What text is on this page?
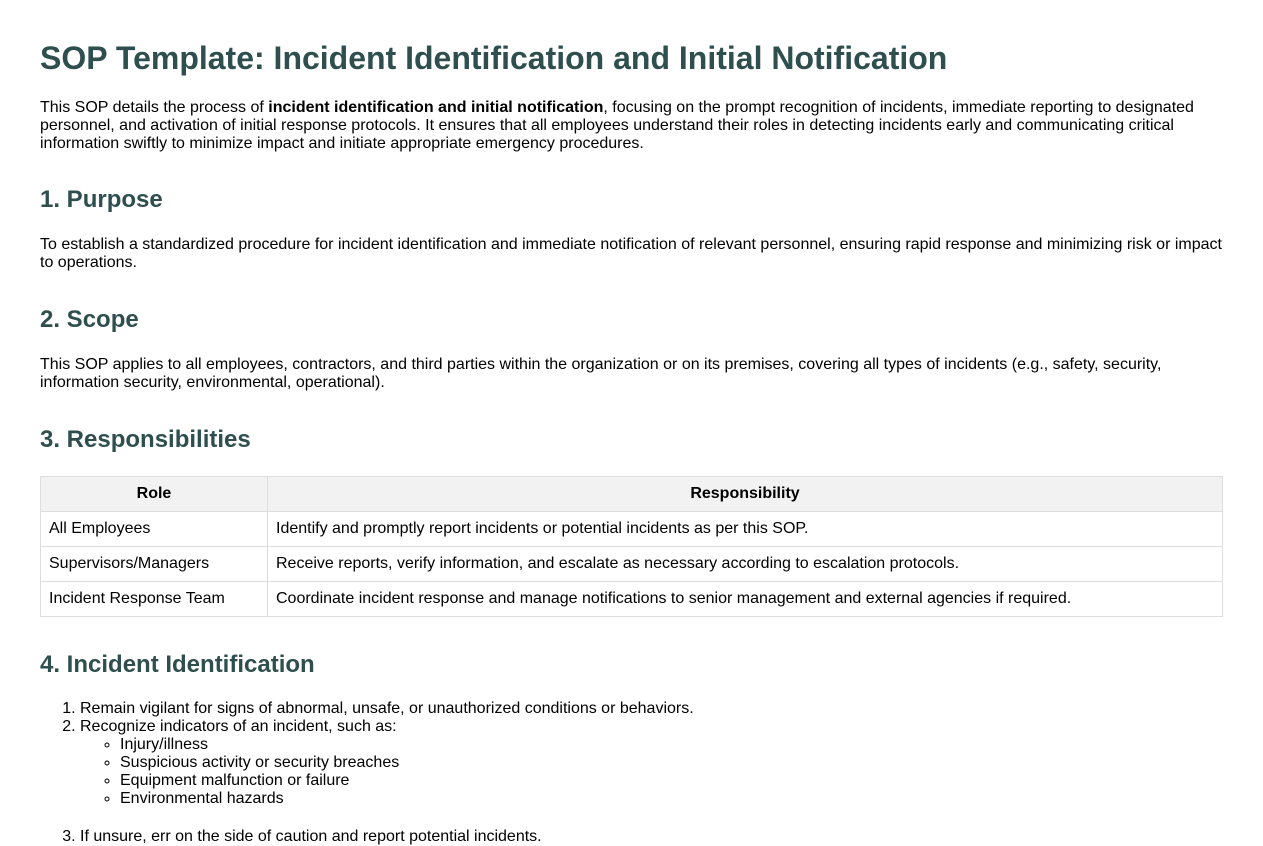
SOP Template: Incident Identification and Initial Notification

This SOP details the process of incident identification and initial notification, focusing on the prompt recognition of incidents, immediate reporting to designated personnel, and activation of initial response protocols. It ensures that all employees understand their roles in detecting incidents early and communicating critical information swiftly to minimize impact and initiate appropriate emergency procedures.

1. Purpose

To establish a standardized procedure for incident identification and immediate notification of relevant personnel, ensuring rapid response and minimizing risk or impact to operations.

2. Scope

This SOP applies to all employees, contractors, and third parties within the organization or on its premises, covering all types of incidents (e.g., safety, security, information security, environmental, operational).

3. Responsibilities
Role	Responsibility
All Employees	Identify and promptly report incidents or potential incidents as per this SOP.
Supervisors/Managers	Receive reports, verify information, and escalate as necessary according to escalation protocols.
Incident Response Team	Coordinate incident response and manage notifications to senior management and external agencies if required.
4. Incident Identification
1. Remain vigilant for signs of abnormal, unsafe, or unauthorized conditions or behaviors.
2. Recognize indicators of an incident, such as:
◦ Injury/illness
◦ Suspicious activity or security breaches
◦ Equipment malfunction or failure
◦ Environmental hazards
3. If unsure, err on the side of caution and report potential incidents.
